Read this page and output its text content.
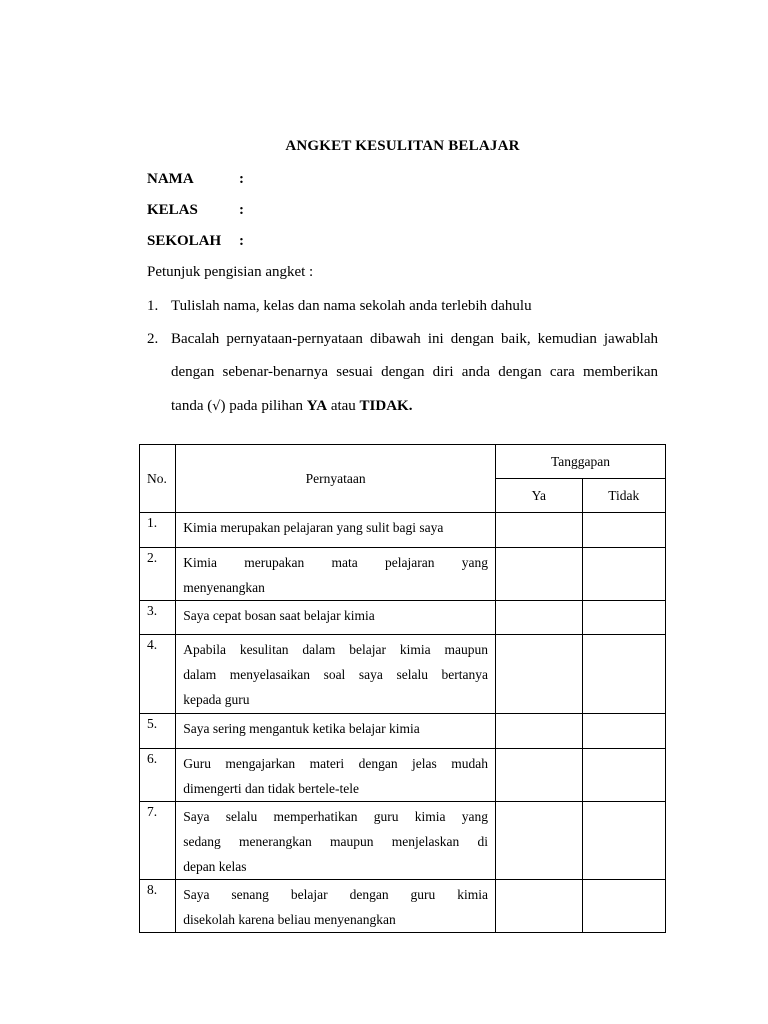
ANGKET KESULITAN BELAJAR
NAMA	:
KELAS	:
SEKOLAH :
Petunjuk pengisian angket :
1. Tulislah nama, kelas dan nama sekolah anda terlebih dahulu
2. Bacalah pernyataan-pernyataan dibawah ini dengan baik, kemudian jawablah
dengan sebenar-benarnya sesuai dengan diri anda dengan cara memberikan
tanda (√) pada pilihan YA atau TIDAK.
No.	Pernyataan	Tanggapan	
		Ya	Tidak
1.	Kimia merupakan pelajaran yang sulit bagi saya		

2.	Kimia merupakan mata pelajaran yang
menyenangkan		

3.	Saya cepat bosan saat belajar kimia		

4.	Apabila kesulitan dalam belajar kimia maupun
dalam menyelasaikan soal saya selalu bertanya
kepada guru		

5.	Saya sering mengantuk ketika belajar kimia		

6.	Guru mengajarkan materi dengan jelas mudah
dimengerti dan tidak bertele-tele		

7.	Saya selalu memperhatikan guru kimia yang
sedang menerangkan maupun menjelaskan di
depan kelas		

8.	Saya senang belajar dengan guru kimia
disekolah karena beliau menyenangkan		
